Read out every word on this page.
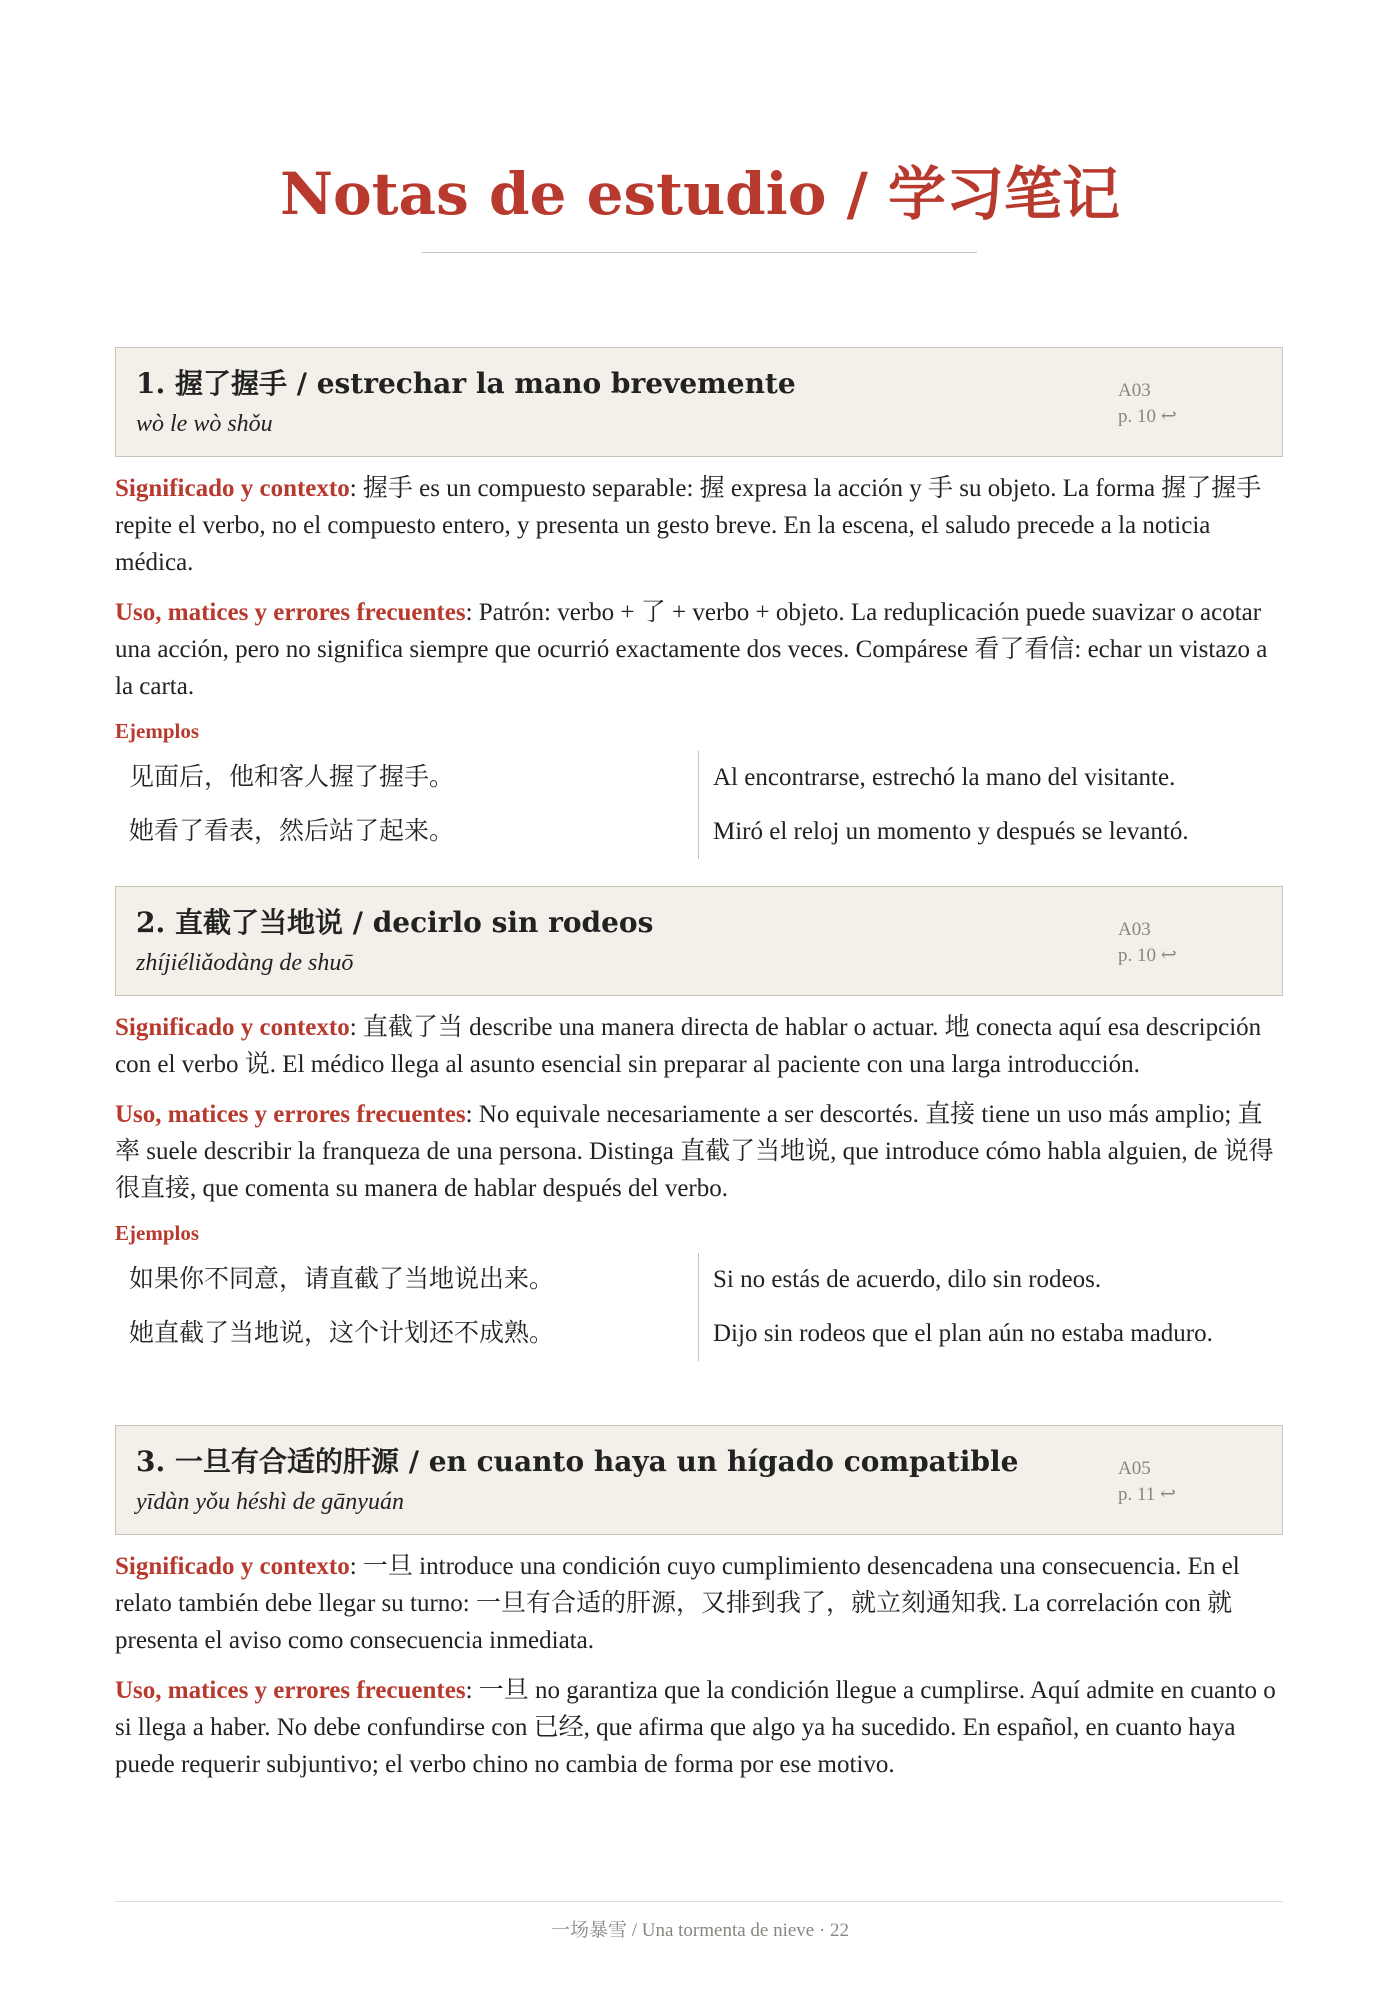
Notas de estudio / 学习笔记
1. 握了握手 / estrechar la mano brevemente
wò le wò shǒu
A03
p. 10 ↩

Significado y contexto: 握手 es un compuesto separable: 握 expresa la acción y 手 su objeto. La forma 握了握手 repite el verbo, no el compuesto entero, y presenta un gesto breve. En la escena, el saludo precede a la noticia médica.

Uso, matices y errores frecuentes: Patrón: verbo + 了 + verbo + objeto. La reduplicación puede suavizar o acotar una acción, pero no significa siempre que ocurrió exactamente dos veces. Compárese 看了看信: echar un vistazo a la carta.

Ejemplos
见面后，他和客人握了握手。	Al encontrarse, estrechó la mano del visitante.
她看了看表，然后站了起来。	Miró el reloj un momento y después se levantó.
2. 直截了当地说 / decirlo sin rodeos
zhíjiéliǎodàng de shuō
A03
p. 10 ↩

Significado y contexto: 直截了当 describe una manera directa de hablar o actuar. 地 conecta aquí esa descripción con el verbo 说. El médico llega al asunto esencial sin preparar al paciente con una larga introducción.

Uso, matices y errores frecuentes: No equivale necesariamente a ser descortés. 直接 tiene un uso más amplio; 直率 suele describir la franqueza de una persona. Distinga 直截了当地说, que introduce cómo habla alguien, de 说得很直接, que comenta su manera de hablar después del verbo.

Ejemplos
如果你不同意，请直截了当地说出来。	Si no estás de acuerdo, dilo sin rodeos.
她直截了当地说，这个计划还不成熟。	Dijo sin rodeos que el plan aún no estaba maduro.
3. 一旦有合适的肝源 / en cuanto haya un hígado compatible
yīdàn yǒu héshì de gānyuán
A05
p. 11 ↩

Significado y contexto: 一旦 introduce una condición cuyo cumplimiento desencadena una consecuencia. En el relato también debe llegar su turno: 一旦有合适的肝源，又排到我了，就立刻通知我. La correlación con 就 presenta el aviso como consecuencia inmediata.

Uso, matices y errores frecuentes: 一旦 no garantiza que la condición llegue a cumplirse. Aquí admite en cuanto o si llega a haber. No debe confundirse con 已经, que afirma que algo ya ha sucedido. En español, en cuanto haya puede requerir subjuntivo; el verbo chino no cambia de forma por ese motivo.

一场暴雪 / Una tormenta de nieve · 22
